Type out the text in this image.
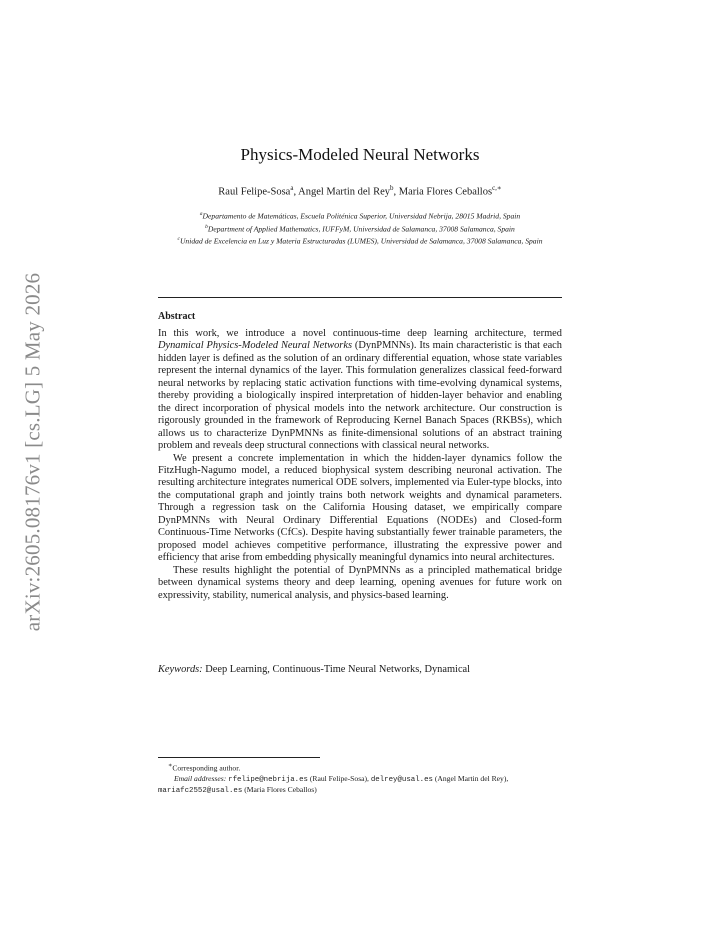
arXiv:2605.08176v1 [cs.LG] 5 May 2026
Physics-Modeled Neural Networks
Raul Felipe-Sosa$^a$, Angel Martin del Rey$^b$, Maria Flores Ceballos$^{c,∗}$
$^a$Departamento de Matemáticas, Escuela Politénica Superior, Universidad Nebrija, 28015 Madrid, Spain
$^b$Department of Applied Mathematics, IUFFyM, Universidad de Salamanca, 37008 Salamanca, Spain
$^c$Unidad de Excelencia en Luz y Materia Estructuradas (LUMES), Universidad de Salamanca, 37008 Salamanca, Spain
Abstract

In this work, we introduce a novel continuous-time deep learning architecture, termed Dynamical Physics-Modeled Neural Networks (DynPMNNs). Its main characteristic is that each hidden layer is defined as the solution of an ordinary differential equation, whose state variables represent the internal dynamics of the layer. This formulation generalizes classical feed-forward neural networks by replacing static activation functions with time-evolving dynamical systems, thereby providing a biologically inspired interpretation of hidden-layer behavior and enabling the direct incorporation of physical models into the network architecture. Our construction is rigorously grounded in the framework of Reproducing Kernel Banach Spaces (RKBSs), which allows us to characterize DynPMNNs as finite-dimensional solutions of an abstract training problem and reveals deep structural connections with classical neural networks.

We present a concrete implementation in which the hidden-layer dynamics follow the FitzHugh-Nagumo model, a reduced biophysical system describing neuronal activation. The resulting architecture integrates numerical ODE solvers, implemented via Euler-type blocks, into the computational graph and jointly trains both network weights and dynamical parameters. Through a regression task on the California Housing dataset, we empirically compare DynPMNNs with Neural Ordinary Differential Equations (NODEs) and Closed-form Continuous-Time Networks (CfCs). Despite having substantially fewer trainable parameters, the proposed model achieves competitive performance, illustrating the expressive power and efficiency that arise from embedding physically meaningful dynamics into neural architectures.

These results highlight the potential of DynPMNNs as a principled mathematical bridge between dynamical systems theory and deep learning, opening avenues for future work on expressivity, stability, numerical analysis, and physics-based learning.

Keywords: Deep Learning, Continuous-Time Neural Networks, Dynamical
∗Corresponding author.
Email addresses: rfelipe@nebrija.es (Raul Felipe-Sosa), delrey@usal.es (Angel Martin del Rey), mariafc2552@usal.es (Maria Flores Ceballos)
